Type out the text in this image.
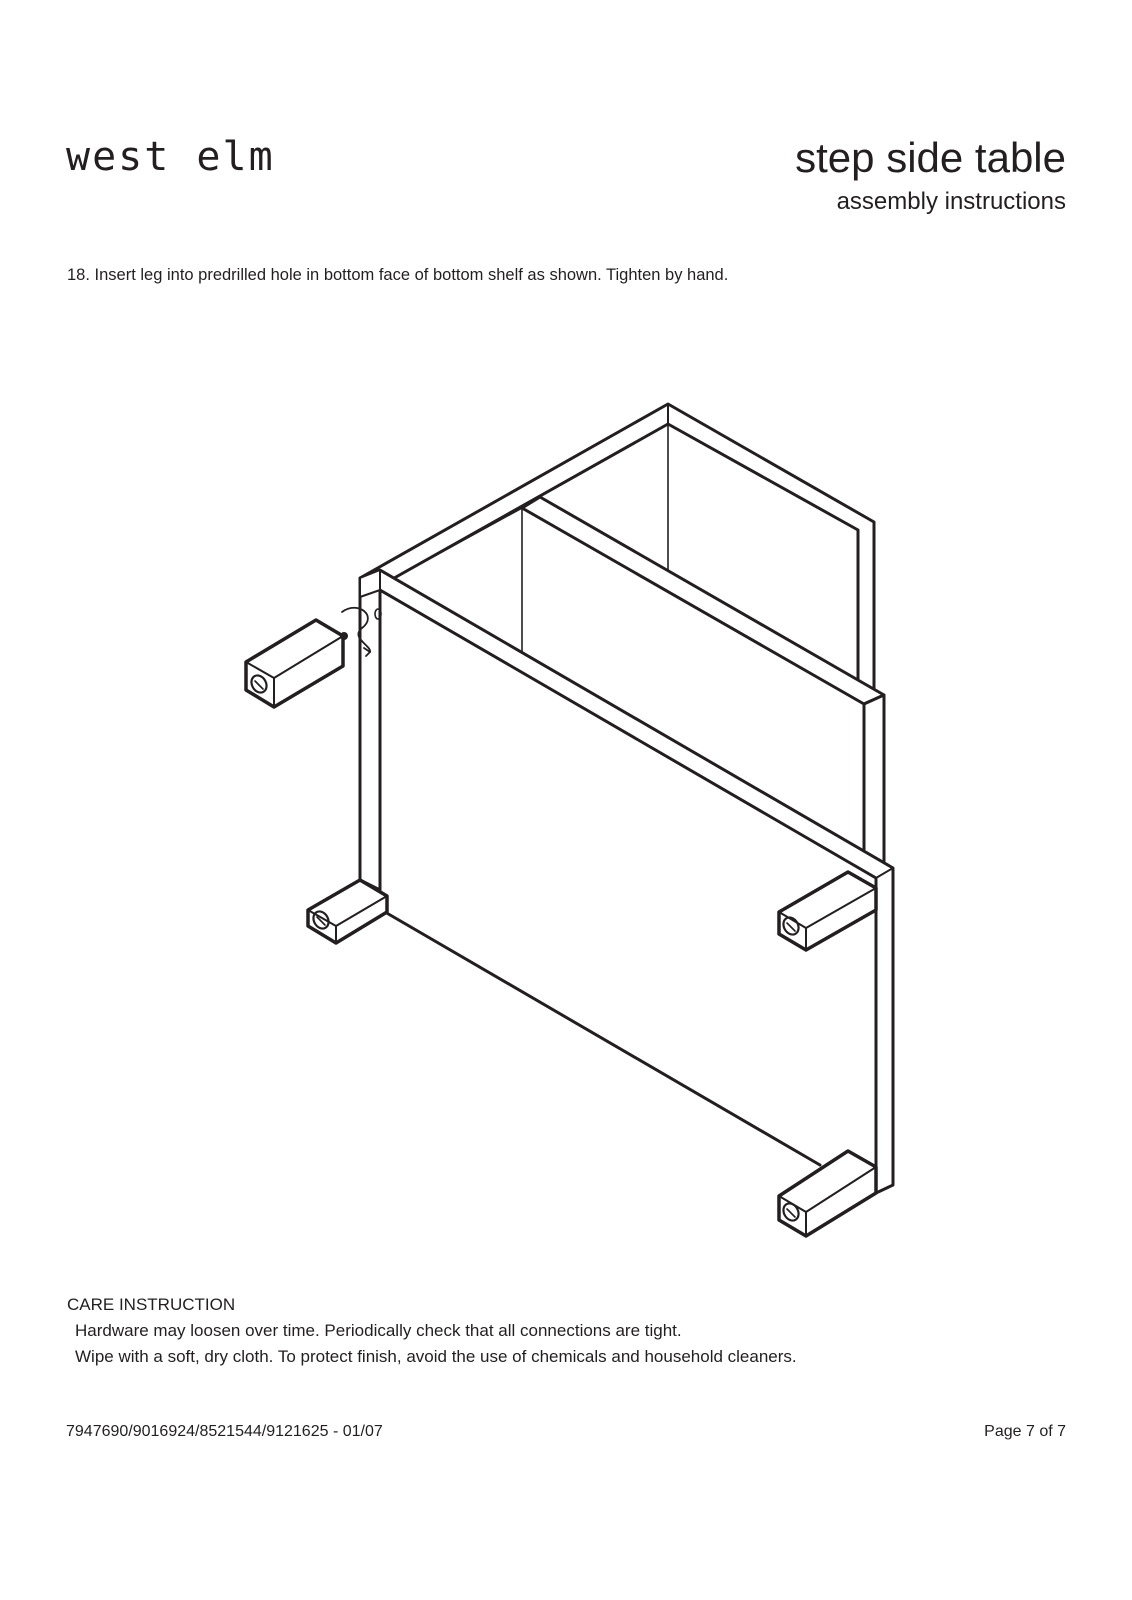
west elm	step side table
assembly instructions
18. Insert leg into predrilled hole in bottom face of bottom shelf as shown. Tighten by hand.
CARE INSTRUCTION
Hardware may loosen over time. Periodically check that all connections are tight.
Wipe with a soft, dry cloth. To protect finish, avoid the use of chemicals and household cleaners.
7947690/9016924/8521544/9121625 - 01/07	Page 7 of 7
